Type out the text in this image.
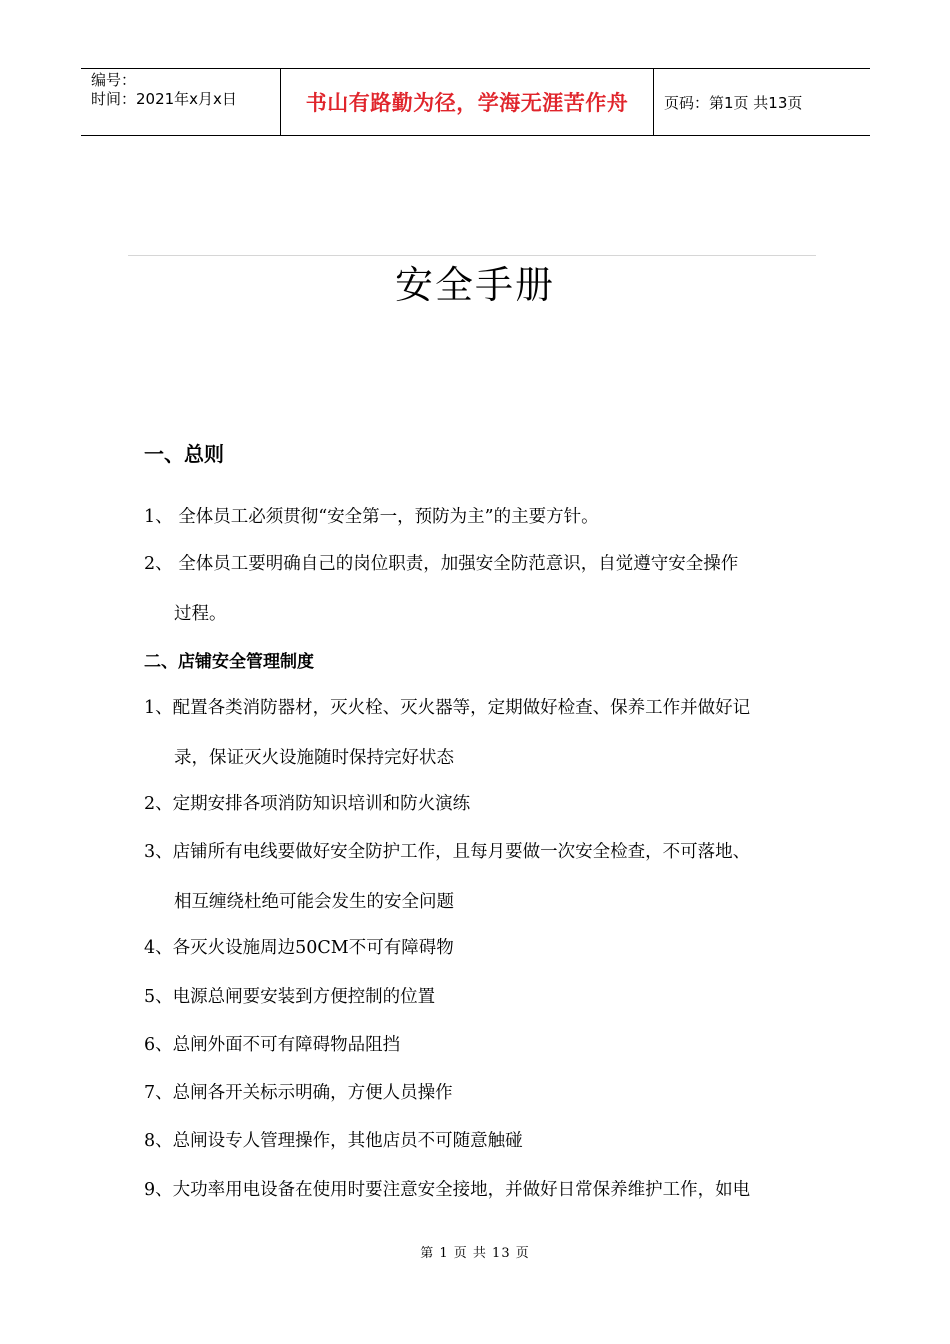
编号：
时间：2021年x月x日	书山有路勤为径，学海无涯苦作舟	页码：第1页 共13页
安全手册
一、总则
1、 全体员工必须贯彻“安全第一，预防为主”的主要方针。
2、 全体员工要明确自己的岗位职责，加强安全防范意识，自觉遵守安全操作
过程。
二、店铺安全管理制度
1、配置各类消防器材，灭火栓、灭火器等，定期做好检查、保养工作并做好记
录，保证灭火设施随时保持完好状态
2、定期安排各项消防知识培训和防火演练
3、店铺所有电线要做好安全防护工作，且每月要做一次安全检查，不可落地、
相互缠绕杜绝可能会发生的安全问题
4、各灭火设施周边50CM不可有障碍物
5、电源总闸要安装到方便控制的位置
6、总闸外面不可有障碍物品阻挡
7、总闸各开关标示明确，方便人员操作
8、总闸设专人管理操作，其他店员不可随意触碰
9、大功率用电设备在使用时要注意安全接地，并做好日常保养维护工作，如电
第 1 页 共 13 页
